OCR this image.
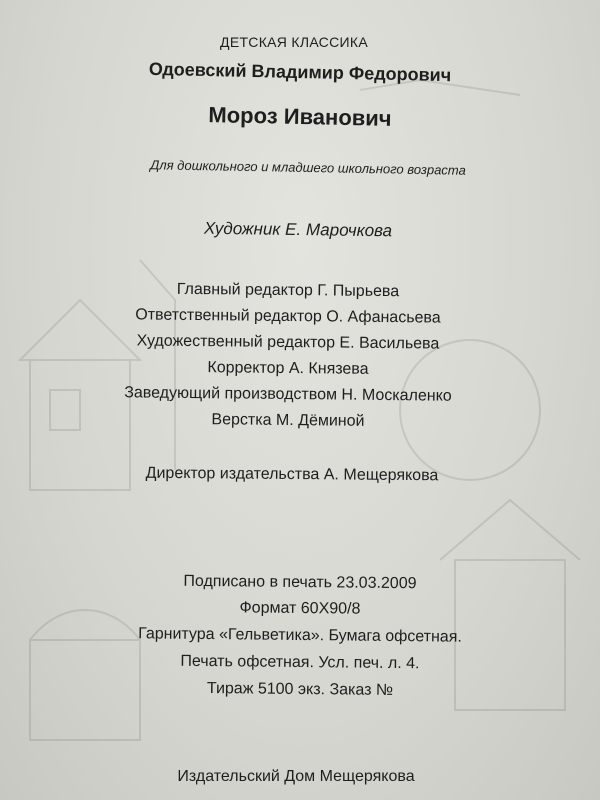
ДЕТСКАЯ КЛАССИКА
Одоевский Владимир Федорович
Мороз Иванович
Для дошкольного и младшего школьного возраста
Художник Е. Марочкова
Главный редактор Г. Пырьева
Ответственный редактор О. Афанасьева
Художественный редактор Е. Васильева
Корректор А. Князева
Заведующий производством Н. Москаленко
Верстка М. Дёминой
Директор издательства А. Мещерякова
Подписано в печать 23.03.2009
Формат 60X90/8
Гарнитура «Гельветика». Бумага офсетная.
Печать офсетная. Усл. печ. л. 4.
Тираж 5100 экз. Заказ №
Издательский Дом Мещерякова
